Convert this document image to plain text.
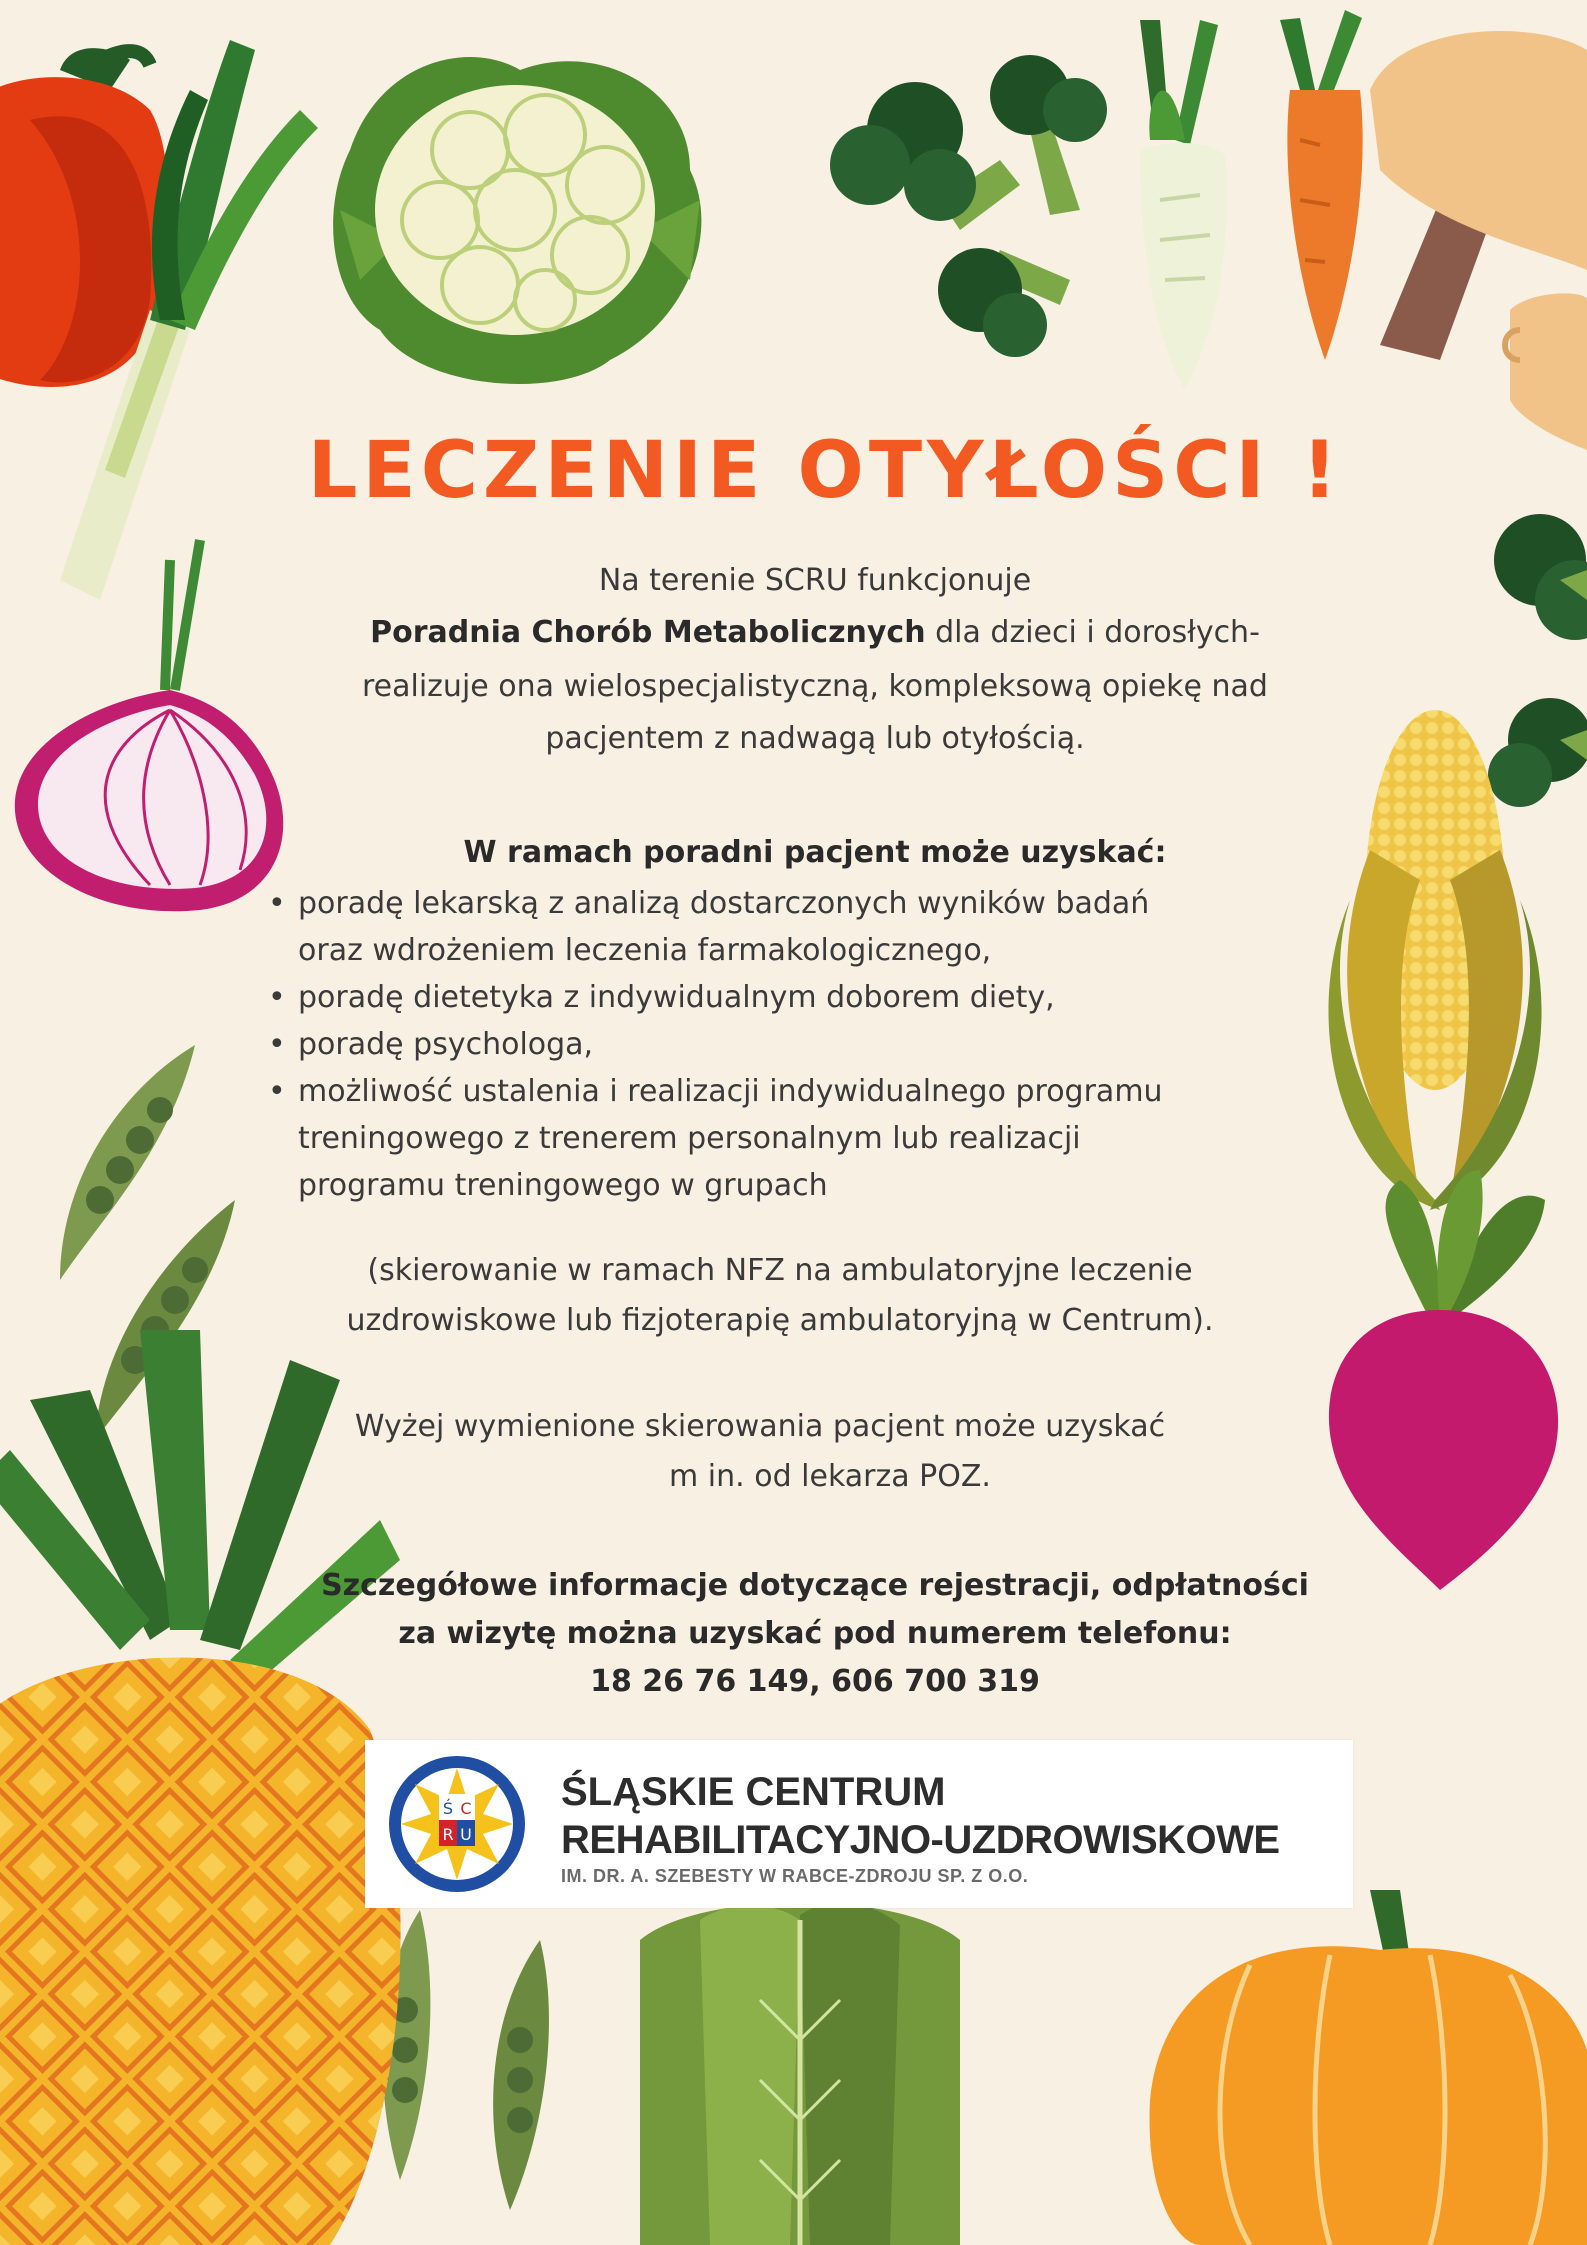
LECZENIE OTYŁOŚCI !
Na terenie SCRU funkcjonuje
Poradnia Chorób Metabolicznych dla dzieci i dorosłych-
realizuje ona wielospecjalistyczną, kompleksową opiekę nad
pacjentem z nadwagą lub otyłością.
W ramach poradni pacjent może uzyskać:
• poradę lekarską z analizą dostarczonych wyników badań
oraz wdrożeniem leczenia farmakologicznego,
• poradę dietetyka z indywidualnym doborem diety,
• poradę psychologa,
• możliwość ustalenia i realizacji indywidualnego programu
treningowego z trenerem personalnym lub realizacji
programu treningowego w grupach
(skierowanie w ramach NFZ na ambulatoryjne leczenie
uzdrowiskowe lub fizjoterapię ambulatoryjną w Centrum).
Wyżej wymienione skierowania pacjent może uzyskać
m in. od lekarza POZ.
Szczegółowe informacje dotyczące rejestracji, odpłatności
za wizytę można uzyskać pod numerem telefonu:
18 26 76 149, 606 700 319
Ś C
R U
ŚLĄSKIE CENTRUM
REHABILITACYJNO-UZDROWISKOWE
IM. DR. A. SZEBESTY W RABCE-ZDROJU SP. Z O.O.
